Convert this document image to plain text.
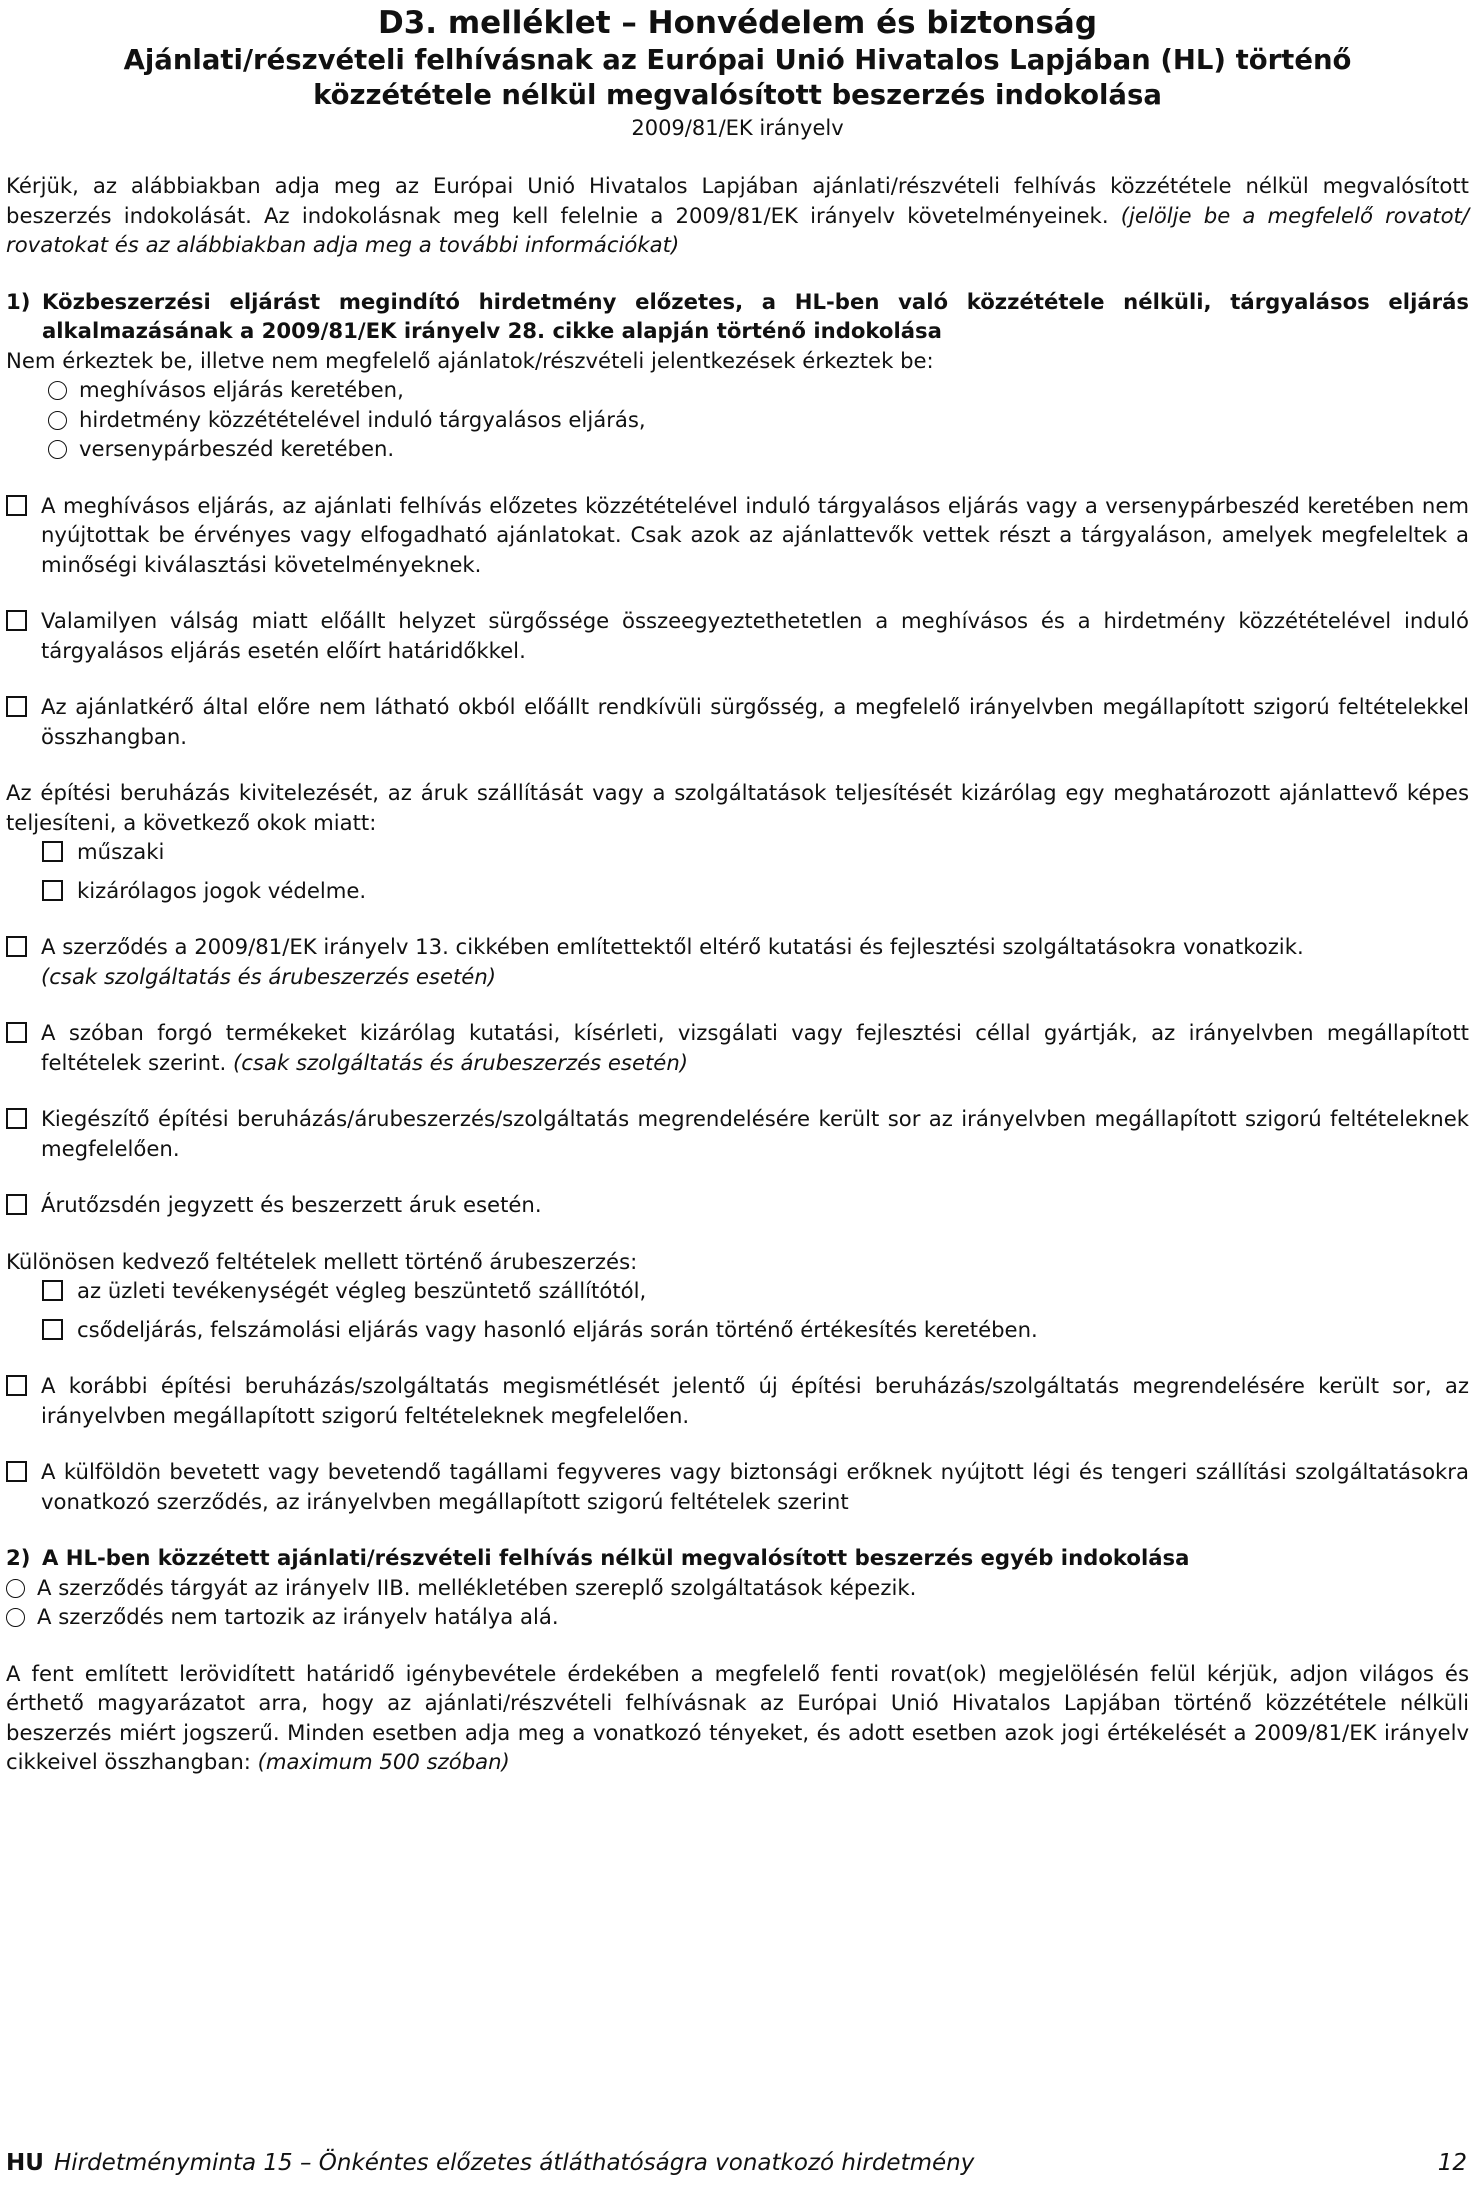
D3. melléklet – Honvédelem és biztonság
Ajánlati/részvételi felhívásnak az Európai Unió Hivatalos Lapjában (HL) történő
közzététele nélkül megvalósított beszerzés indokolása
2009/81/EK irányelv

Kérjük, az alábbiakban adja meg az Európai Unió Hivatalos Lapjában ajánlati/részvételi felhívás közzététele nélkül megvalósított beszerzés indokolását. Az indokolásnak meg kell felelnie a 2009/81/EK irányelv követelményeinek. (jelölje be a megfelelő rovatot/ rovatokat és az alábbiakban adja meg a további információkat)

1) Közbeszerzési eljárást megindító hirdetmény előzetes, a HL-ben való közzététele nélküli, tárgyalásos eljárás alkalmazásának a 2009/81/EK irányelv 28. cikke alapján történő indokolása

Nem érkeztek be, illetve nem megfelelő ajánlatok/részvételi jelentkezések érkeztek be:

meghívásos eljárás keretében,
hirdetmény közzétételével induló tárgyalásos eljárás,
versenypárbeszéd keretében.
A meghívásos eljárás, az ajánlati felhívás előzetes közzétételével induló tárgyalásos eljárás vagy a versenypárbeszéd keretében nem nyújtottak be érvényes vagy elfogadható ajánlatokat. Csak azok az ajánlattevők vettek részt a tárgyaláson, amelyek megfeleltek a minőségi kiválasztási követelményeknek.
Valamilyen válság miatt előállt helyzet sürgőssége összeegyeztethetetlen a meghívásos és a hirdetmény közzétételével induló tárgyalásos eljárás esetén előírt határidőkkel.
Az ajánlatkérő által előre nem látható okból előállt rendkívüli sürgősség, a megfelelő irányelvben megállapított szigorú feltételekkel összhangban.

Az építési beruházás kivitelezését, az áruk szállítását vagy a szolgáltatások teljesítését kizárólag egy meghatározott ajánlattevő képes teljesíteni, a következő okok miatt:

műszaki
kizárólagos jogok védelme.
A szerződés a 2009/81/EK irányelv 13. cikkében említettektől eltérő kutatási és fejlesztési szolgáltatásokra vonatkozik.
(csak szolgáltatás és árubeszerzés esetén)
A szóban forgó termékeket kizárólag kutatási, kísérleti, vizsgálati vagy fejlesztési céllal gyártják, az irányelvben megállapított feltételek szerint. (csak szolgáltatás és árubeszerzés esetén)
Kiegészítő építési beruházás/árubeszerzés/szolgáltatás megrendelésére került sor az irányelvben megállapított szigorú feltételeknek megfelelően.
Árutőzsdén jegyzett és beszerzett áruk esetén.

Különösen kedvező feltételek mellett történő árubeszerzés:

az üzleti tevékenységét végleg beszüntető szállítótól,
csődeljárás, felszámolási eljárás vagy hasonló eljárás során történő értékesítés keretében.
A korábbi építési beruházás/szolgáltatás megismétlését jelentő új építési beruházás/szolgáltatás megrendelésére került sor, az irányelvben megállapított szigorú feltételeknek megfelelően.
A külföldön bevetett vagy bevetendő tagállami fegyveres vagy biztonsági erőknek nyújtott légi és tengeri szállítási szolgáltatásokra vonatkozó szerződés, az irányelvben megállapított szigorú feltételek szerint
2) A HL-ben közzétett ajánlati/részvételi felhívás nélkül megvalósított beszerzés egyéb indokolása
A szerződés tárgyát az irányelv IIB. mellékletében szereplő szolgáltatások képezik.
A szerződés nem tartozik az irányelv hatálya alá.

A fent említett lerövidített határidő igénybevétele érdekében a megfelelő fenti rovat(ok) megjelölésén felül kérjük, adjon világos és érthető magyarázatot arra, hogy az ajánlati/részvételi felhívásnak az Európai Unió Hivatalos Lapjában történő közzététele nélküli beszerzés miért jogszerű. Minden esetben adja meg a vonatkozó tényeket, és adott esetben azok jogi értékelését a 2009/81/EK irányelv cikkeivel összhangban: (maximum 500 szóban)

HU Hirdetményminta 15 – Önkéntes előzetes átláthatóságra vonatkozó hirdetmény	12
